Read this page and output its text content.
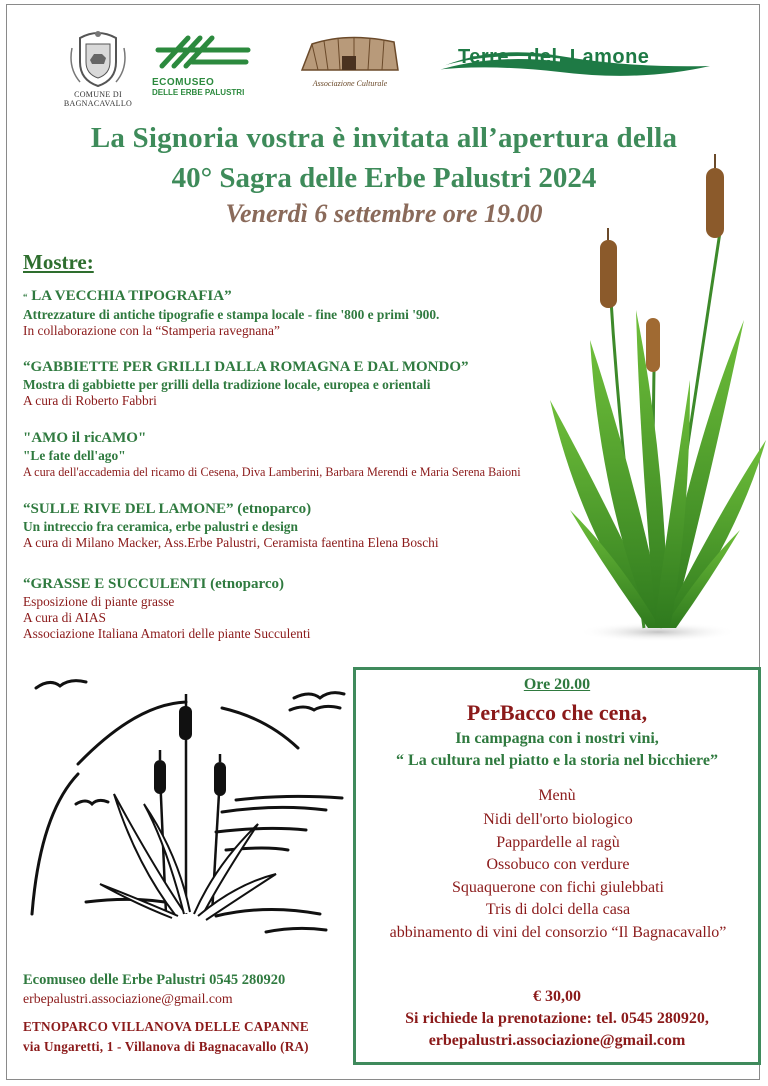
COMUNE DI
BAGNACAVALLO
ECOMUSEO
DELLE ERBE PALUSTRI
Associazione Culturale
Terre   del  Lamone
La Signoria vostra è invitata all’apertura della
40° Sagra delle Erbe Palustri 2024
Venerdì 6 settembre ore 19.00
Mostre:
“ LA VECCHIA TIPOGRAFIA”
Attrezzature di antiche tipografie e stampa locale - fine '800 e primi '900.
In collaborazione con la “Stamperia ravegnana”
“GABBIETTE PER GRILLI DALLA ROMAGNA E DAL MONDO”
Mostra di gabbiette per grilli della tradizione locale, europea e orientali
A cura di Roberto Fabbri
"AMO il ricAMO"
"Le fate dell'ago"
A cura dell'accademia del ricamo di Cesena, Diva Lamberini, Barbara Merendi e Maria Serena Baioni
“SULLE RIVE DEL LAMONE” (etnoparco)
Un intreccio fra ceramica, erbe palustri e design
A cura di Milano Macker, Ass.Erbe Palustri, Ceramista faentina Elena Boschi
“GRASSE E SUCCULENTI (etnoparco)
Esposizione di piante grasse
A cura di AIAS
Associazione Italiana Amatori delle piante Succulenti
Ecomuseo delle Erbe Palustri 0545 280920
erbepalustri.associazione@gmail.com
ETNOPARCO VILLANOVA DELLE CAPANNE
via Ungaretti, 1 - Villanova di Bagnacavallo (RA)
Ore 20.00
PerBacco che cena,
In campagna con i nostri vini,
“ La cultura nel piatto e la storia nel bicchiere”
Menù
Nidi dell'orto biologico
Pappardelle al ragù
Ossobuco con verdure
Squaquerone con fichi giulebbati
Tris di dolci della casa
abbinamento di vini del consorzio “Il Bagnacavallo”
€ 30,00
Si richiede la prenotazione: tel. 0545 280920,
erbepalustri.associazione@gmail.com
